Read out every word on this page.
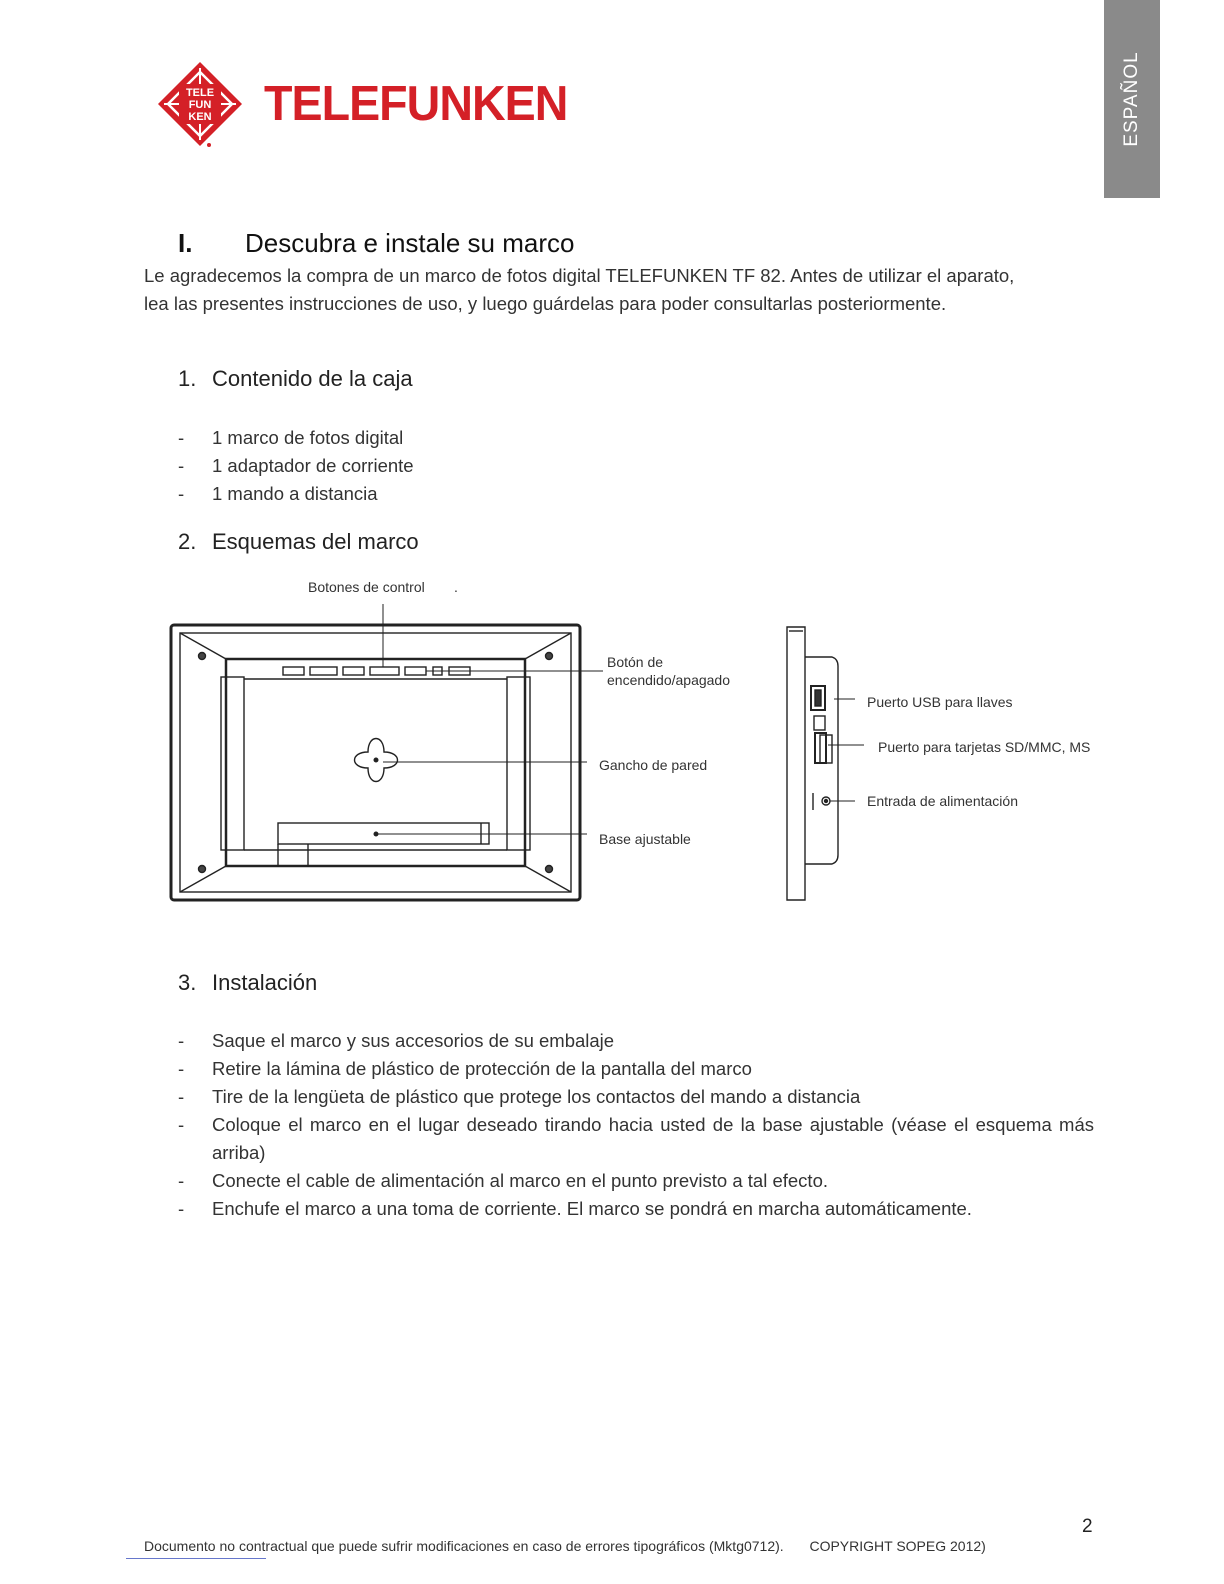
ESPAÑOL
TELE
FUN
KEN TELEFUNKEN
I. Descubra e instale su marco
Le agradecemos la compra de un marco de fotos digital TELEFUNKEN TF 82. Antes de utilizar el aparato,
lea las presentes instrucciones de uso, y luego guárdelas para poder consultarlas posteriormente.
1. Contenido de la caja
- 1 marco de fotos digital
- 1 adaptador de corriente
- 1 mando a distancia
2. Esquemas del marco
Botones de control .
Botón de
encendido/apagado
Gancho de pared
Base ajustable
Puerto USB para llaves
Puerto para tarjetas SD/MMC, MS
Entrada de alimentación
3. Instalación
- Saque el marco y sus accesorios de su embalaje
- Retire la lámina de plástico de protección de la pantalla del marco
- Tire de la lengüeta de plástico que protege los contactos del mando a distancia
- Coloque el marco en el lugar deseado tirando hacia usted de la base ajustable (véase el esquema más arriba)
- Conecte el cable de alimentación al marco en el punto previsto a tal efecto.
- Enchufe el marco a una toma de corriente. El marco se pondrá en marcha automáticamente.
2
Documento no contractual que puede sufrir modificaciones en caso de errores tipográficos (Mktg0712). COPYRIGHT SOPEG 2012)
